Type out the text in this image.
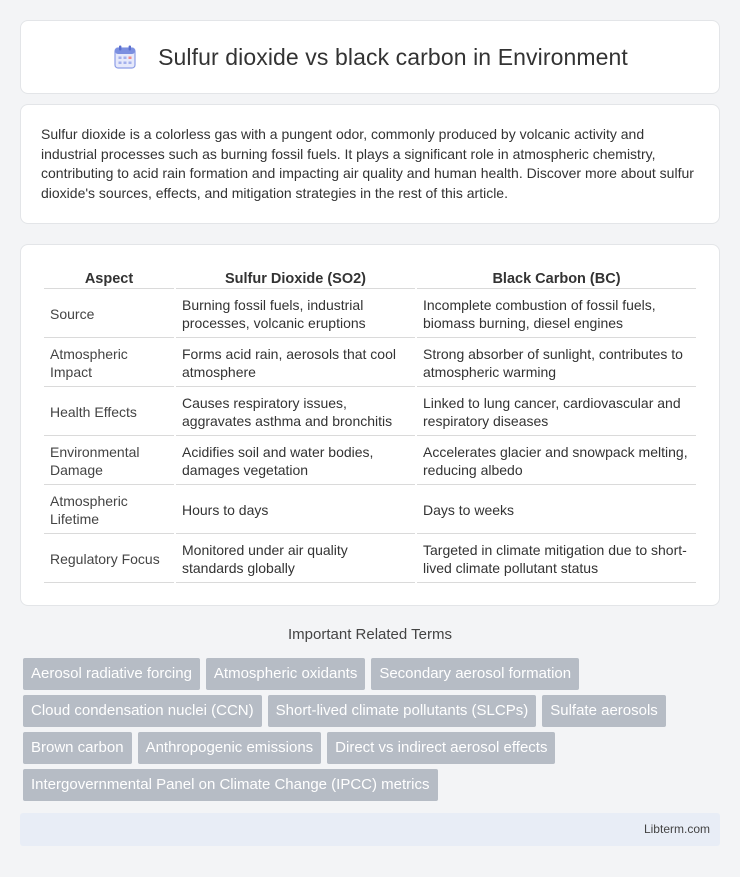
Sulfur dioxide vs black carbon in Environment

Sulfur dioxide is a colorless gas with a pungent odor, commonly produced by volcanic activity and industrial processes such as burning fossil fuels. It plays a significant role in atmospheric chemistry, contributing to acid rain formation and impacting air quality and human health. Discover more about sulfur dioxide's sources, effects, and mitigation strategies in the rest of this article.

Aspect	Sulfur Dioxide (SO2)	Black Carbon (BC)
Source	Burning fossil fuels, industrial processes, volcanic eruptions	Incomplete combustion of fossil fuels, biomass burning, diesel engines
Atmospheric Impact	Forms acid rain, aerosols that cool atmosphere	Strong absorber of sunlight, contributes to atmospheric warming
Health Effects	Causes respiratory issues, aggravates asthma and bronchitis	Linked to lung cancer, cardiovascular and respiratory diseases
Environmental Damage	Acidifies soil and water bodies, damages vegetation	Accelerates glacier and snowpack melting, reducing albedo
Atmospheric Lifetime	Hours to days	Days to weeks
Regulatory Focus	Monitored under air quality standards globally	Targeted in climate mitigation due to short-lived climate pollutant status
Important Related Terms
Aerosol radiative forcing	Atmospheric oxidants	Secondary aerosol formation
Cloud condensation nuclei (CCN)	Short-lived climate pollutants (SLCPs)	Sulfate aerosols
Brown carbon	Anthropogenic emissions	Direct vs indirect aerosol effects
Intergovernmental Panel on Climate Change (IPCC) metrics
Libterm.com
